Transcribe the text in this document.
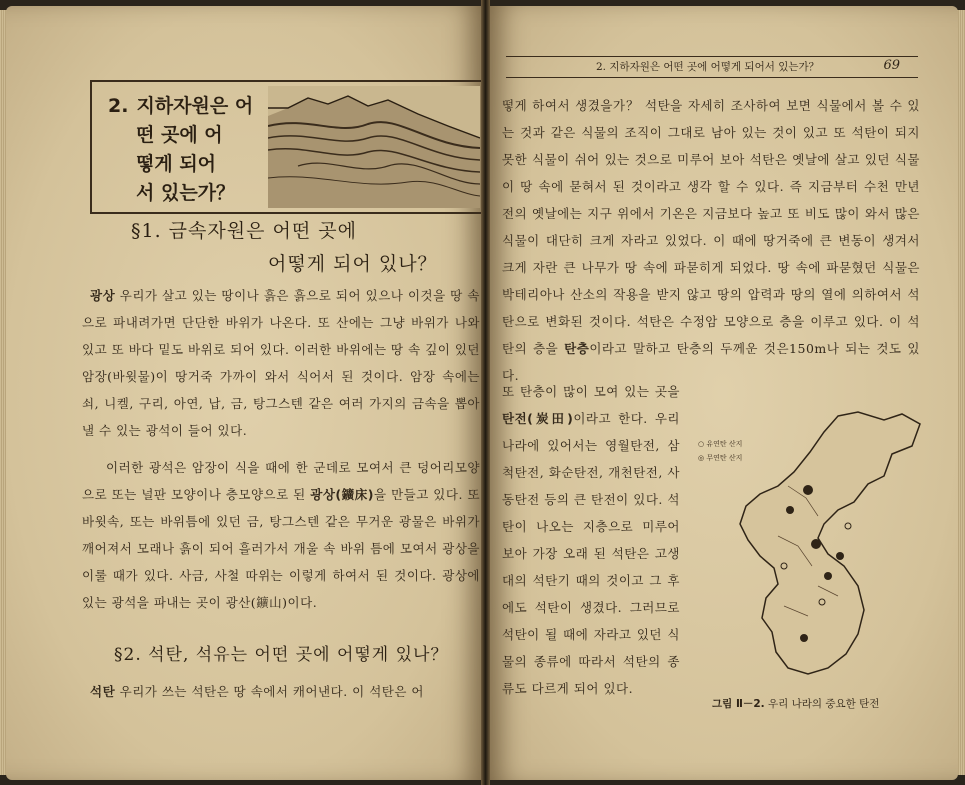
2. 지하자원은 어
떤 곳에 어
떻게 되어
서 있는가？
§1. 금속자원은 어떤 곳에
어떻게 되어 있나？
광상 우리가 살고 있는 땅이나 흙은 흙으로 되어 있으나 이것을 땅 속으로 파내려가면 단단한 바위가 나온다. 또 산에는 그냥 바위가 나와 있고 또 바다 밑도 바위로 되어 있다. 이러한 바위에는 땅 속 깊이 있던 암장(바윗물)이 땅거죽 가까이 와서 식어서 된 것이다. 암장 속에는 쇠, 니켈, 구리, 아연, 납, 금, 탕그스텐 같은 여러 가지의 금속을 뽑아낼 수 있는 광석이 들어 있다.
이러한 광석은 암장이 식을 때에 한 군데로 모여서 큰 덩어리모양으로 또는 널판 모양이나 층모양으로 된 광상(鑛床)을 만들고 있다. 또 바윗속, 또는 바위틈에 있던 금, 탕그스텐 같은 무거운 광물은 바위가 깨어져서 모래나 흙이 되어 흘러가서 개울 속 바위 틈에 모여서 광상을 이룰 때가 있다. 사금, 사철 따위는 이렇게 하여서 된 것이다. 광상에 있는 광석을 파내는 곳이 광산(鑛山)이다.
§2. 석탄, 석유는 어떤 곳에 어떻게 있나？
석탄 우리가 쓰는 석탄은 땅 속에서 캐어낸다. 이 석탄은 어
2. 지하자원은 어떤 곳에 어떻게 되어서 있는가？	69
떻게 하여서 생겼을가？ 석탄을 자세히 조사하여 보면 식물에서 볼 수 있는 것과 같은 식물의 조직이 그대로 남아 있는 것이 있고 또 석탄이 되지 못한 식물이 쉬어 있는 것으로 미루어 보아 석탄은 옛날에 살고 있던 식물이 땅 속에 묻혀서 된 것이라고 생각 할 수 있다. 즉 지금부터 수천 만년 전의 옛날에는 지구 위에서 기온은 지금보다 높고 또 비도 많이 와서 많은 식물이 대단히 크게 자라고 있었다. 이 때에 땅거죽에 큰 변동이 생겨서 크게 자란 큰 나무가 땅 속에 파묻히게 되었다. 땅 속에 파묻혔던 식물은 박테리아나 산소의 작용을 받지 않고 땅의 압력과 땅의 열에 의하여서 석탄으로 변화된 것이다. 석탄은 수정암 모양으로 층을 이루고 있다. 이 석탄의 층을 탄층이라고 말하고 탄층의 두께운 것은150m나 되는 것도 있다.
또 탄층이 많이 모여 있는 곳을 탄전(炭田)이라고 한다. 우리 나라에 있어서는 영월탄전, 삼척탄전, 화순탄전, 개천탄전, 사동탄전 등의 큰 탄전이 있다. 석탄이 나오는 지층으로 미루어 보아 가장 오래 된 석탄은 고생대의 석탄기 때의 것이고 그 후에도 석탄이 생겼다. 그러므로 석탄이 될 때에 자라고 있던 식물의 종류에 따라서 석탄의 종류도 다르게 되어 있다.
○ 유연탄 산지
◎ 무연탄 산지
그림 Ⅱ－2. 우리 나라의 중요한 탄전
